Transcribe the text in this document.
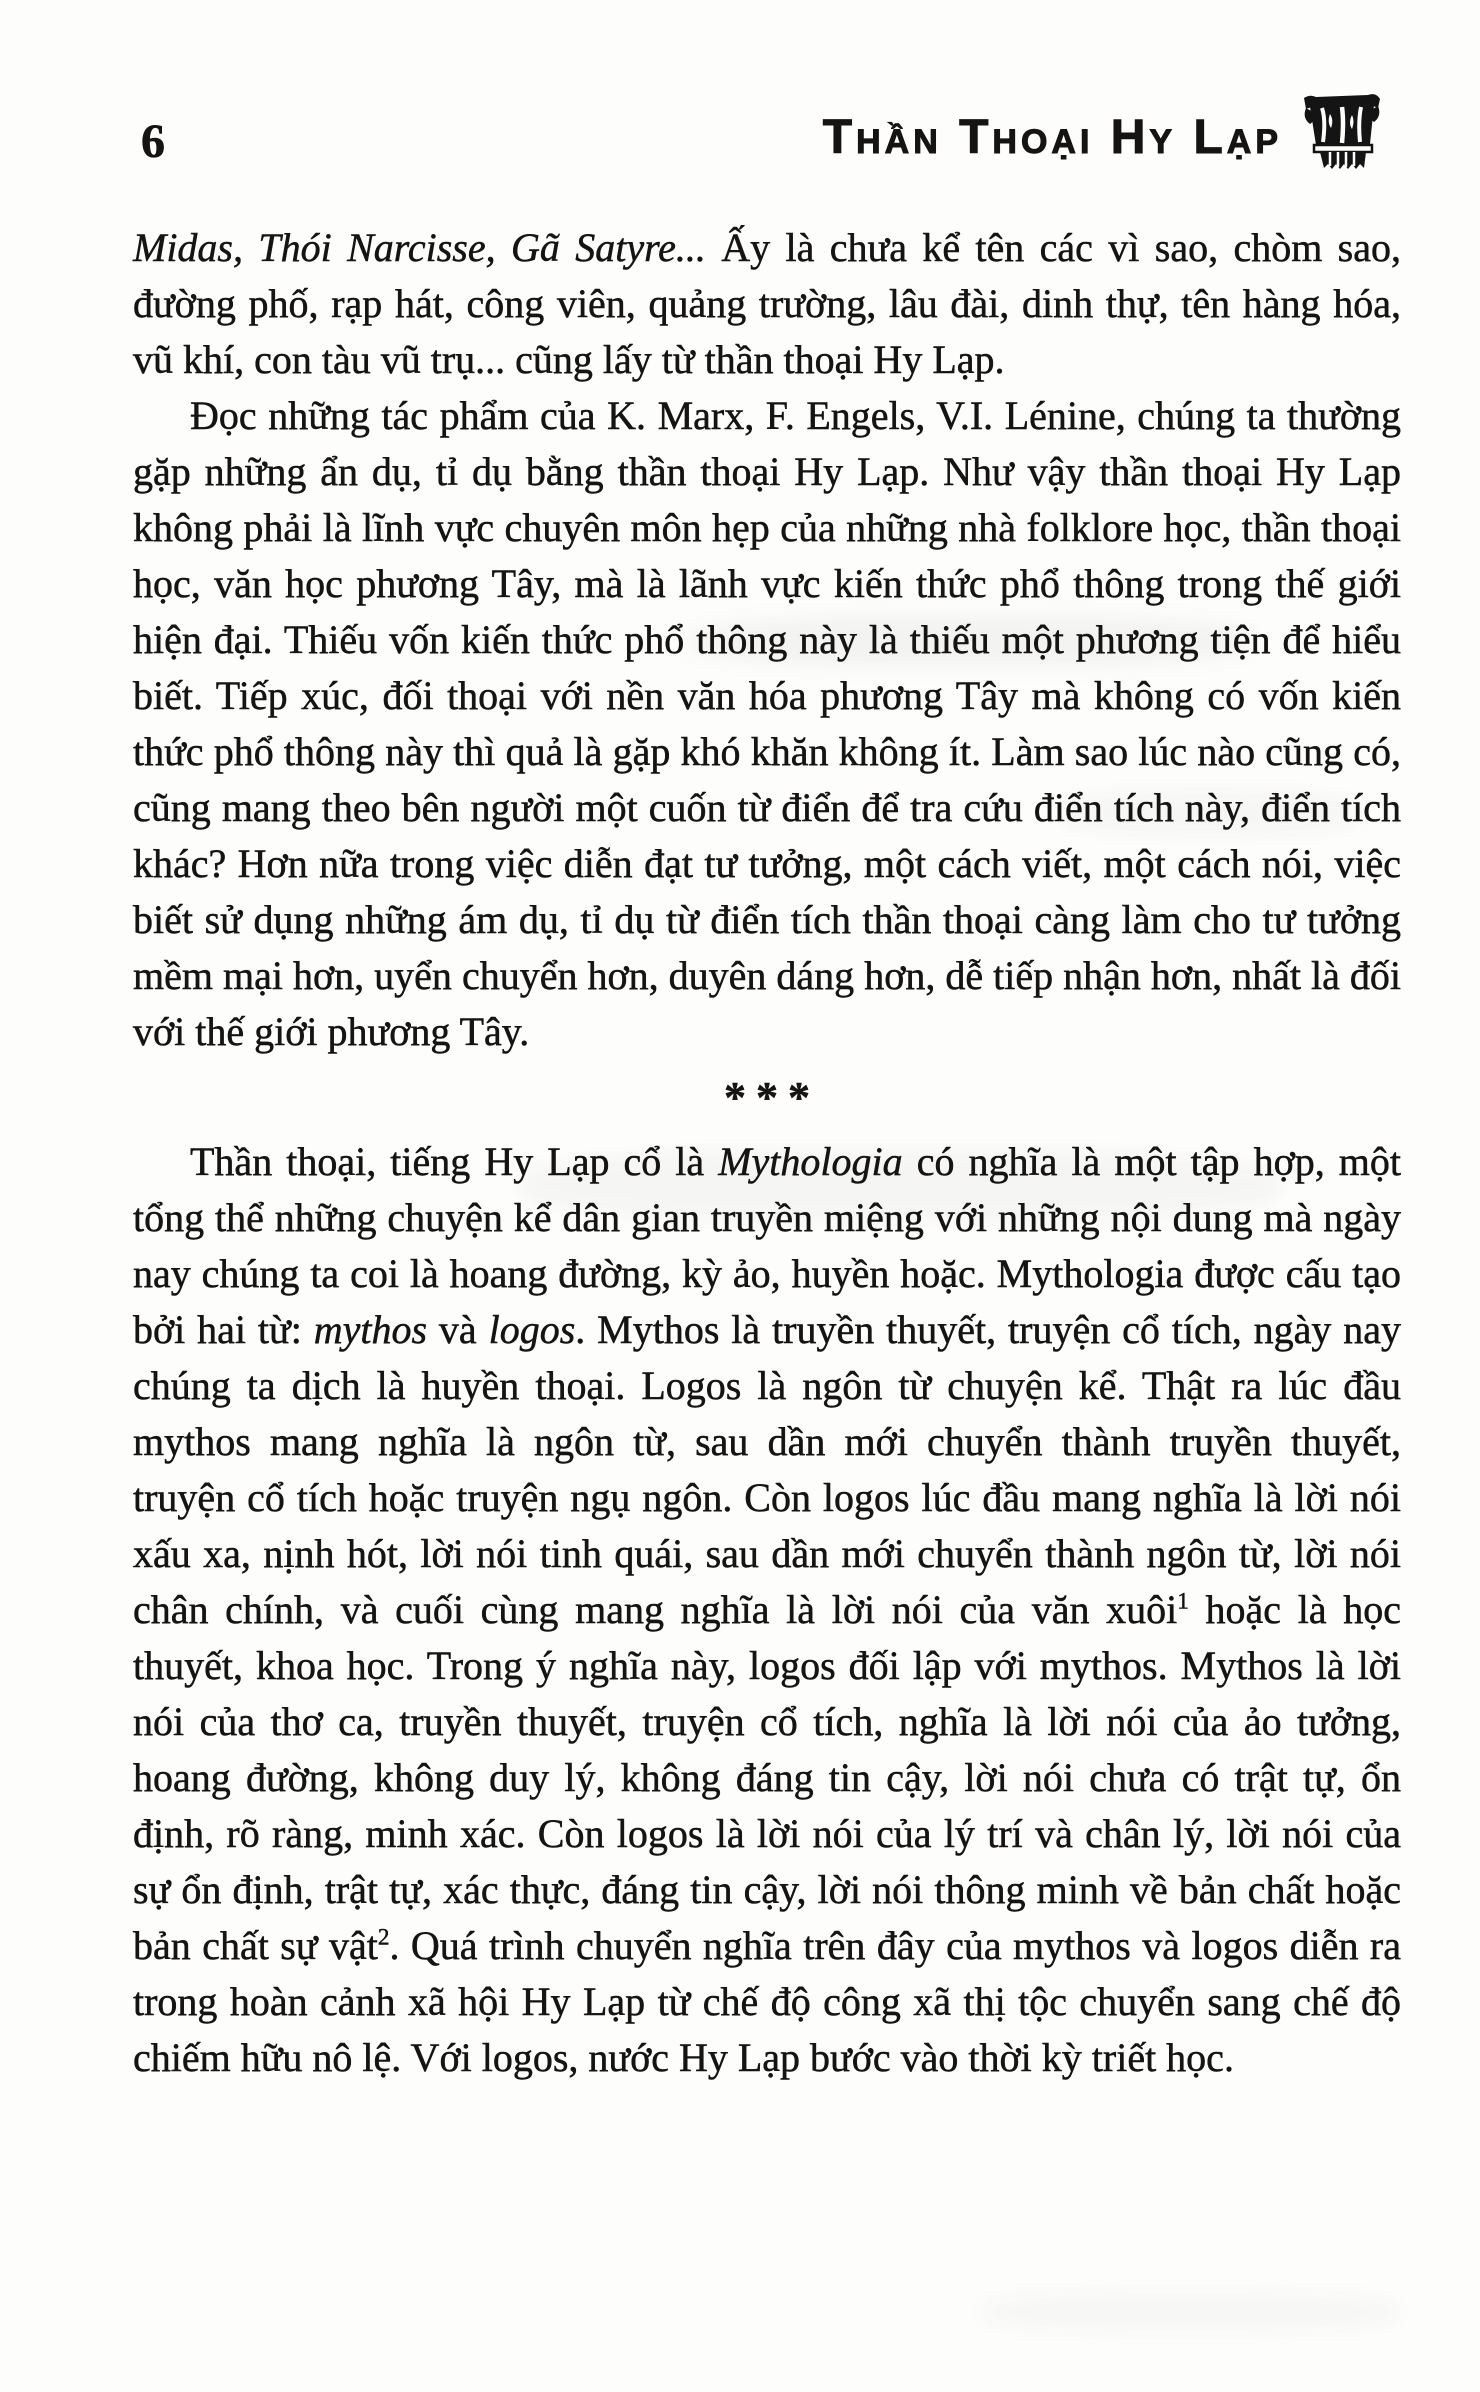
6	Thần Thoại Hy Lạp

Midas, Thói Narcisse, Gã Satyre... Ấy là chưa kể tên các vì sao, chòm sao, đường phố, rạp hát, công viên, quảng trường, lâu đài, dinh thự, tên hàng hóa, vũ khí, con tàu vũ trụ... cũng lấy từ thần thoại Hy Lạp.

Đọc những tác phẩm của K. Marx, F. Engels, V.I. Lénine, chúng ta thường gặp những ẩn dụ, tỉ dụ bằng thần thoại Hy Lạp. Như vậy thần thoại Hy Lạp không phải là lĩnh vực chuyên môn hẹp của những nhà folklore học, thần thoại học, văn học phương Tây, mà là lãnh vực kiến thức phổ thông trong thế giới hiện đại. Thiếu vốn kiến thức phổ thông này là thiếu một phương tiện để hiểu biết. Tiếp xúc, đối thoại với nền văn hóa phương Tây mà không có vốn kiến thức phổ thông này thì quả là gặp khó khăn không ít. Làm sao lúc nào cũng có, cũng mang theo bên người một cuốn từ điển để tra cứu điển tích này, điển tích khác? Hơn nữa trong việc diễn đạt tư tưởng, một cách viết, một cách nói, việc biết sử dụng những ám dụ, tỉ dụ từ điển tích thần thoại càng làm cho tư tưởng mềm mại hơn, uyển chuyển hơn, duyên dáng hơn, dễ tiếp nhận hơn, nhất là đối với thế giới phương Tây.

***

Thần thoại, tiếng Hy Lạp cổ là Mythologia có nghĩa là một tập hợp, một tổng thể những chuyện kể dân gian truyền miệng với những nội dung mà ngày nay chúng ta coi là hoang đường, kỳ ảo, huyền hoặc. Mythologia được cấu tạo bởi hai từ: mythos và logos. Mythos là truyền thuyết, truyện cổ tích, ngày nay chúng ta dịch là huyền thoại. Logos là ngôn từ chuyện kể. Thật ra lúc đầu mythos mang nghĩa là ngôn từ, sau dần mới chuyển thành truyền thuyết, truyện cổ tích hoặc truyện ngụ ngôn. Còn logos lúc đầu mang nghĩa là lời nói xấu xa, nịnh hót, lời nói tinh quái, sau dần mới chuyển thành ngôn từ, lời nói chân chính, và cuối cùng mang nghĩa là lời nói của văn xuôi$^1$ hoặc là học thuyết, khoa học. Trong ý nghĩa này, logos đối lập với mythos. Mythos là lời nói của thơ ca, truyền thuyết, truyện cổ tích, nghĩa là lời nói của ảo tưởng, hoang đường, không duy lý, không đáng tin cậy, lời nói chưa có trật tự, ổn định, rõ ràng, minh xác. Còn logos là lời nói của lý trí và chân lý, lời nói của sự ổn định, trật tự, xác thực, đáng tin cậy, lời nói thông minh về bản chất hoặc bản chất sự vật$^2$. Quá trình chuyển nghĩa trên đây của mythos và logos diễn ra trong hoàn cảnh xã hội Hy Lạp từ chế độ công xã thị tộc chuyển sang chế độ chiếm hữu nô lệ. Với logos, nước Hy Lạp bước vào thời kỳ triết học.
